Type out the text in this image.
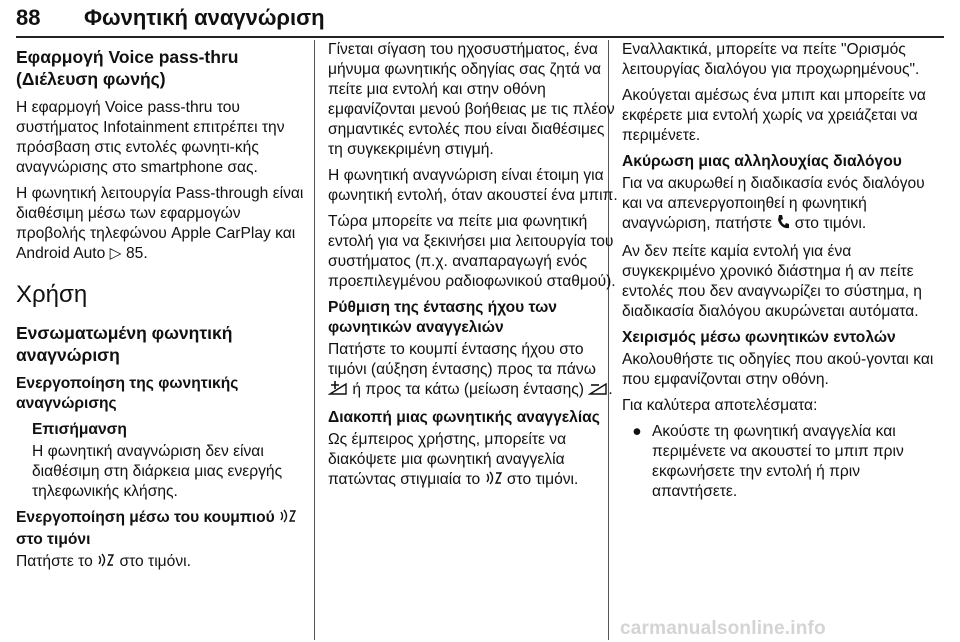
88 Φωνητική αναγνώριση
Εφαρμογή Voice pass-thru (Διέλευση φωνής)

Η εφαρμογή Voice pass-thru του συστήματος Infotainment επιτρέπει την πρόσβαση στις εντολές φωνητι-κής αναγνώρισης στο smartphone σας.

Η φωνητική λειτουργία Pass-through είναι διαθέσιμη μέσω των εφαρμογών προβολής τηλεφώνου Apple CarPlay και Android Auto ▷ 85.

Χρήση
Ενσωματωμένη φωνητική αναγνώριση
Ενεργοποίηση της φωνητικής αναγνώρισης
Επισήμανση

Η φωνητική αναγνώριση δεν είναι διαθέσιμη στη διάρκεια μιας ενεργής τηλεφωνικής κλήσης.

Ενεργοποίηση μέσω του κουμπιού  στο τιμόνι

Πατήστε το στο τιμόνι.

Γίνεται σίγαση του ηχοσυστήματος, ένα μήνυμα φωνητικής οδηγίας σας ζητά να πείτε μια εντολή και στην οθόνη εμφανίζονται μενού βοήθειας με τις πλέον σημαντικές εντολές που είναι διαθέσιμες τη συγκεκριμένη στιγμή.

Η φωνητική αναγνώριση είναι έτοιμη για φωνητική εντολή, όταν ακουστεί ένα μπιπ.

Τώρα μπορείτε να πείτε μια φωνητική εντολή για να ξεκινήσει μια λειτουργία του συστήματος (π.χ. αναπαραγωγή ενός προεπιλεγμένου ραδιοφωνικού σταθμού).

Ρύθμιση της έντασης ήχου των φωνητικών αναγγελιών

Πατήστε το κουμπί έντασης ήχου στο τιμόνι (αύξηση έντασης) προς τα πάνω  ή προς τα κάτω (μείωση έντασης) .

Διακοπή μιας φωνητικής αναγγελίας

Ως έμπειρος χρήστης, μπορείτε να διακόψετε μια φωνητική αναγγελία πατώντας στιγμιαία το στο τιμόνι.

Εναλλακτικά, μπορείτε να πείτε "Ορισμός λειτουργίας διαλόγου για προχωρημένους".

Ακούγεται αμέσως ένα μπιπ και μπορείτε να εκφέρετε μια εντολή χωρίς να χρειάζεται να περιμένετε.

Ακύρωση μιας αλληλουχίας διαλόγου

Για να ακυρωθεί η διαδικασία ενός διαλόγου και να απενεργοποιηθεί η φωνητική αναγνώριση, πατήστε στο τιμόνι.

Αν δεν πείτε καμία εντολή για ένα συγκεκριμένο χρονικό διάστημα ή αν πείτε εντολές που δεν αναγνωρίζει το σύστημα, η διαδικασία διαλόγου ακυρώνεται αυτόματα.

Χειρισμός μέσω φωνητικών εντολών

Ακολουθήστε τις οδηγίες που ακού-γονται και που εμφανίζονται στην οθόνη.

Για καλύτερα αποτελέσματα:

● Ακούστε τη φωνητική αναγγελία και περιμένετε να ακουστεί το μπιπ πριν εκφωνήσετε την εντολή ή πριν απαντήσετε.
carmanualsonline.info
